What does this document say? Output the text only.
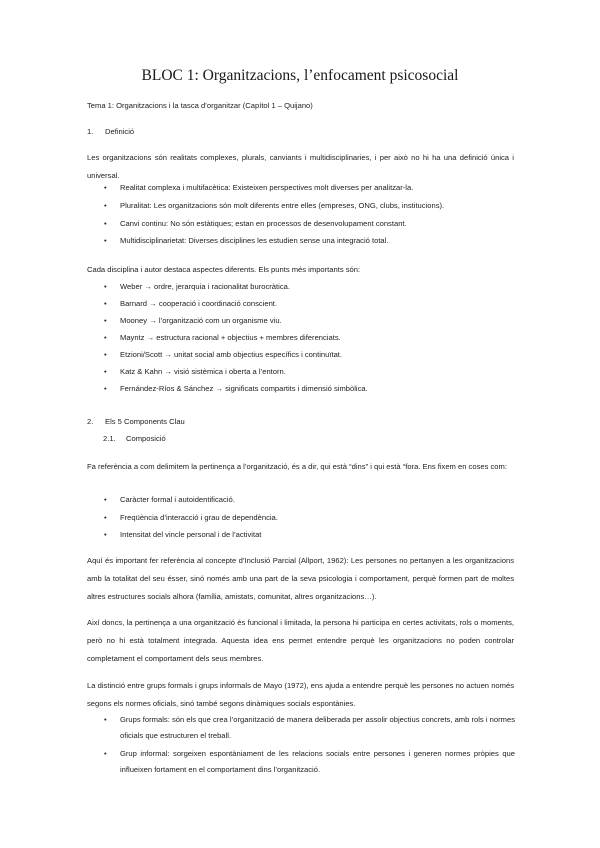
BLOC 1: Organitzacions, l’enfocament psicosocial
Tema 1: Organitzacions i la tasca d’organitzar (Capítol 1 – Quijano)
1. Definició
Les organitzacions són realitats complexes, plurals, canviants i multidisciplinaries, i per això no hi ha una definició única i universal.
•	Realitat complexa i multifacètica: Existeixen perspectives molt diverses per analitzar-la.
•	Pluralitat: Les organitzacions són molt diferents entre elles (empreses, ONG, clubs, institucions).
•	Canvi continu: No són estàtiques; estan en processos de desenvolupament constant.
•	Multidisciplinarietat: Diverses disciplines les estudien sense una integració total.
Cada disciplina i autor destaca aspectes diferents. Els punts més importants són:
•	Weber → ordre, jerarquia i racionalitat burocràtica.
•	Barnard → cooperació i coordinació conscient.
•	Mooney → l’organització com un organisme viu.
•	Mayntz → estructura racional + objectius + membres diferenciats.
•	Etzioni/Scott → unitat social amb objectius específics i continuïtat.
•	Katz & Kahn → visió sistèmica i oberta a l’entorn.
•	Fernández-Ríos & Sánchez → significats compartits i dimensió simbòlica.
2. Els 5 Components Clau
2.1. Composició
Fa referència a com delimitem la pertinença a l’organització, és a dir, qui està “dins” i qui està “fora. Ens fixem en coses com:
•	Caràcter formal i autoidentificació.
•	Freqüència d’interacció i grau de dependència.
•	Intensitat del vincle personal i de l’activitat
Aquí és important fer referència al concepte d’Inclusió Parcial (Allport, 1962): Les persones no pertanyen a les organitzacions amb la totalitat del seu ésser, sinó només amb una part de la seva psicologia i comportament, perquè formen part de moltes altres estructures socials alhora (família, amistats, comunitat, altres organitzacions…).
Així doncs, la pertinença a una organització és funcional i limitada, la persona hi participa en certes activitats, rols o moments, però no hi està totalment integrada. Aquesta idea ens permet entendre perquè les organitzacions no poden controlar completament el comportament dels seus membres.
La distinció entre grups formals i grups informals de Mayo (1972), ens ajuda a entendre perquè les persones no actuen només segons els normes oficials, sinó també segons dinàmiques socials espontànies.
• Grups formals: són els que crea l’organització de manera deliberada per assolir objectius concrets, amb rols i normes oficials que estructuren el treball.
• Grup informal: sorgeixen espontàniament de les relacions socials entre persones i generen normes pròpies que influeixen fortament en el comportament dins l’organització.
